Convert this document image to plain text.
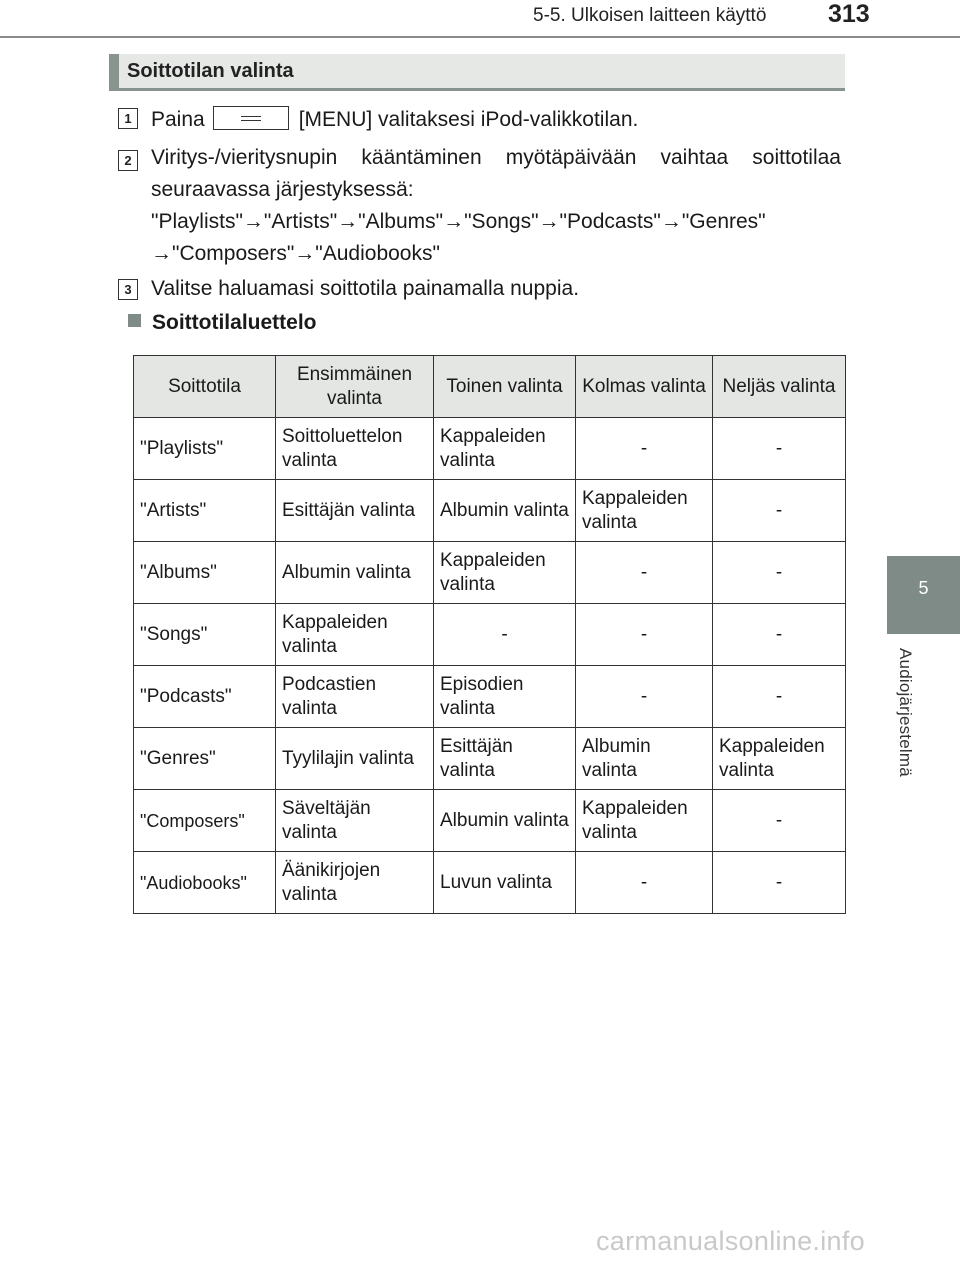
5-5. Ulkoisen laitteen käyttö 313
5
Audiojärjestelmä
Soittotilan valinta
1 Paina	[MENU] valitaksesi iPod-valikkotilan.
2 Viritys-/vieritysnupin kääntäminen myötäpäivään vaihtaa soittotilaa seuraavassa järjestyksessä:
"Playlists"→"Artists"→"Albums"→"Songs"→"Podcasts"→"Genres" →"Composers"→"Audiobooks"
3 Valitse haluamasi soittotila painamalla nuppia.
Soittotilaluettelo
Soittotila	Ensimmäinen valinta	Toinen valinta	Kolmas valinta	Neljäs valinta
"Playlists"	Soittoluettelon valinta	Kappaleiden valinta	-	-
"Artists"	Esittäjän valinta	Albumin valinta	Kappaleiden valinta	-
"Albums"	Albumin valinta	Kappaleiden valinta	-	-
"Songs"	Kappaleiden valinta	-	-	-
"Podcasts"	Podcastien valinta	Episodien valinta	-	-
"Genres"	Tyylilajin valinta	Esittäjän valinta	Albumin valinta	Kappaleiden valinta
"Composers"	Säveltäjän valinta	Albumin valinta	Kappaleiden valinta	-
"Audiobooks"	Äänikirjojen valinta	Luvun valinta	-	-
carmanualsonline.info
